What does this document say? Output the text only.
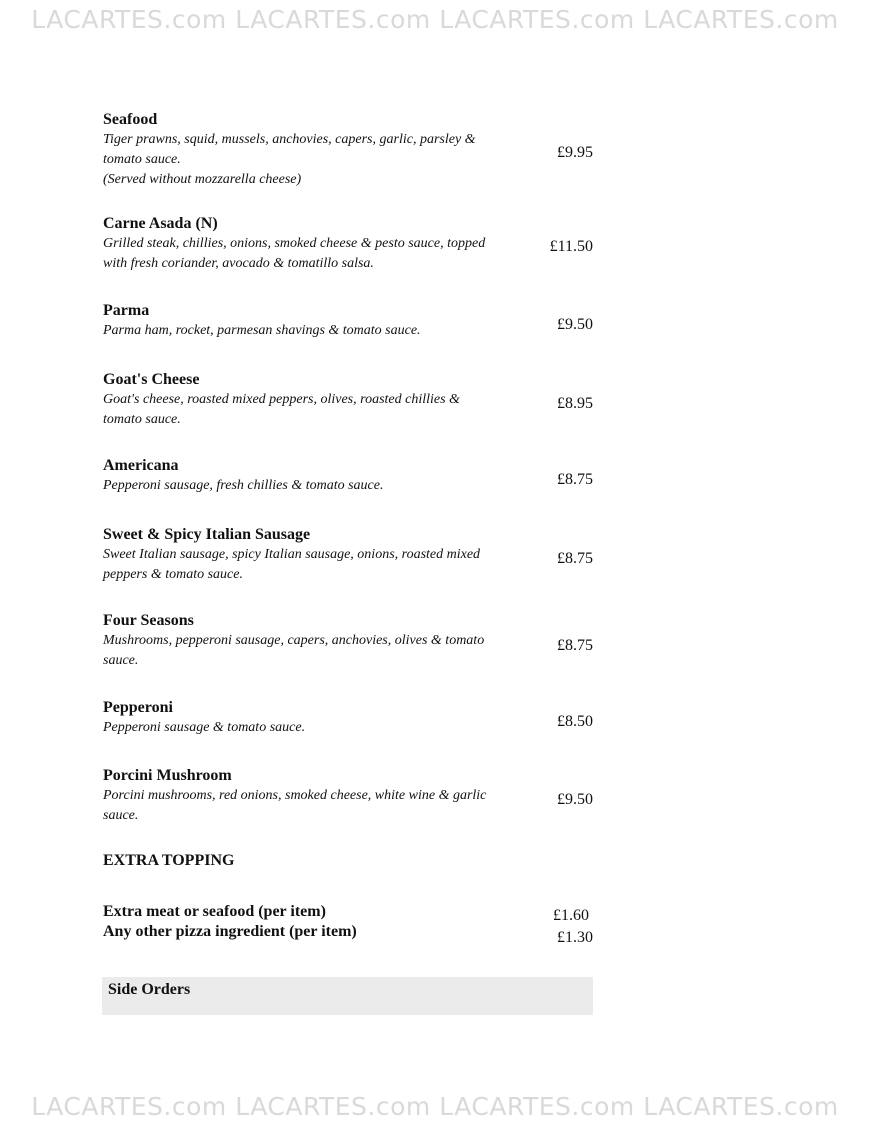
LACARTES.com LACARTES.com LACARTES.com LACARTES.com
Seafood
Tiger prawns, squid, mussels, anchovies, capers, garlic, parsley &
tomato sauce.
(Served without mozzarella cheese)
£9.95
Carne Asada (N)
Grilled steak, chillies, onions, smoked cheese & pesto sauce, topped
with fresh coriander, avocado & tomatillo salsa.
£11.50
Parma
Parma ham, rocket, parmesan shavings & tomato sauce.	£9.50
Goat's Cheese
Goat's cheese, roasted mixed peppers, olives, roasted chillies &
tomato sauce.
£8.95
Americana
Pepperoni sausage, fresh chillies & tomato sauce.	£8.75
Sweet & Spicy Italian Sausage
Sweet Italian sausage, spicy Italian sausage, onions, roasted mixed
peppers & tomato sauce.
£8.75
Four Seasons
Mushrooms, pepperoni sausage, capers, anchovies, olives & tomato
sauce.
£8.75
Pepperoni
Pepperoni sausage & tomato sauce.	£8.50
Porcini Mushroom
Porcini mushrooms, red onions, smoked cheese, white wine & garlic
sauce.
£9.50
EXTRA TOPPING
Extra meat or seafood (per item)	£1.60
Any other pizza ingredient (per item)	£1.30
Side Orders
LACARTES.com LACARTES.com LACARTES.com LACARTES.com
